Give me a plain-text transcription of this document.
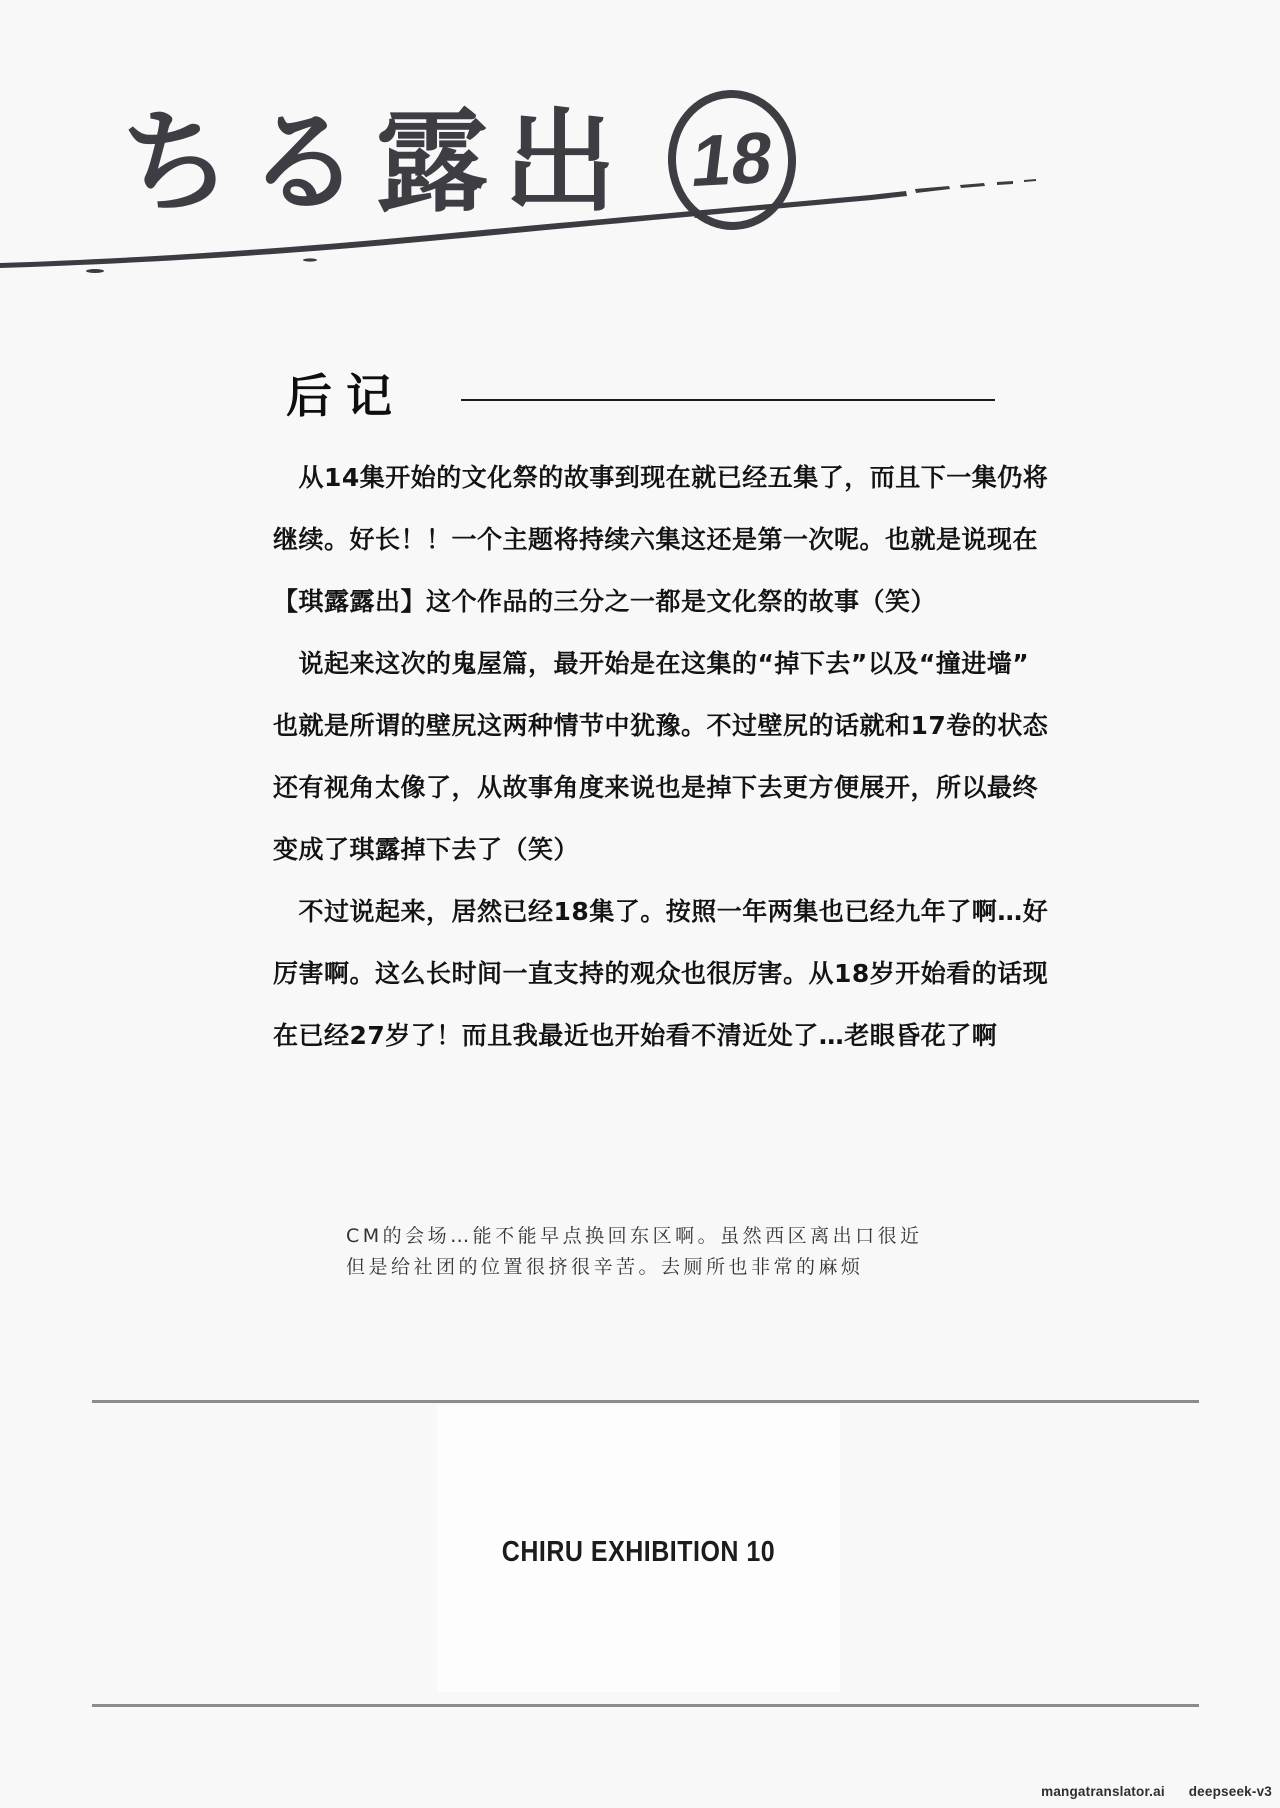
ちる露出 18
后记
　从14集开始的文化祭的故事到现在就已经五集了，而且下一集仍将
继续。好长！！一个主题将持续六集这还是第一次呢。也就是说现在
【琪露露出】这个作品的三分之一都是文化祭的故事（笑）
　说起来这次的鬼屋篇，最开始是在这集的“掉下去”以及“撞进墙”
也就是所谓的壁尻这两种情节中犹豫。不过壁尻的话就和17卷的状态
还有视角太像了，从故事角度来说也是掉下去更方便展开，所以最终
变成了琪露掉下去了（笑）
　不过说起来，居然已经18集了。按照一年两集也已经九年了啊…好
厉害啊。这么长时间一直支持的观众也很厉害。从18岁开始看的话现
在已经27岁了！而且我最近也开始看不清近处了…老眼昏花了啊
CM的会场…能不能早点换回东区啊。虽然西区离出口很近
但是给社团的位置很挤很辛苦。去厕所也非常的麻烦
CHIRU EXHIBITION 10
mangatranslator.ai deepseek-v3
